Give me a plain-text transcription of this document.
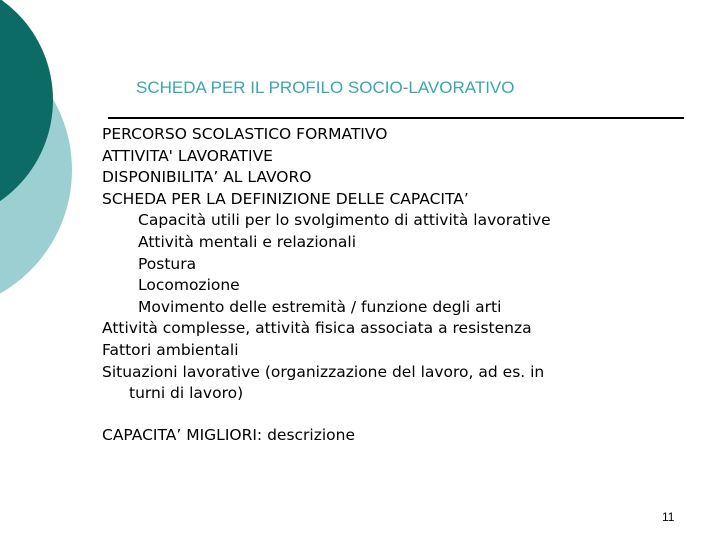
SCHEDA PER IL PROFILO SOCIO-LAVORATIVO
PERCORSO SCOLASTICO FORMATIVO
ATTIVITA' LAVORATIVE
DISPONIBILITA’ AL LAVORO
SCHEDA PER LA DEFINIZIONE DELLE CAPACITA’
Capacità utili per lo svolgimento di attività lavorative
Attività mentali e relazionali
Postura
Locomozione
Movimento delle estremità / funzione degli arti
Attività complesse, attività fisica associata a resistenza
Fattori ambientali
Situazioni lavorative (organizzazione del lavoro, ad es. in
turni di lavoro)
CAPACITA’ MIGLIORI: descrizione
11
